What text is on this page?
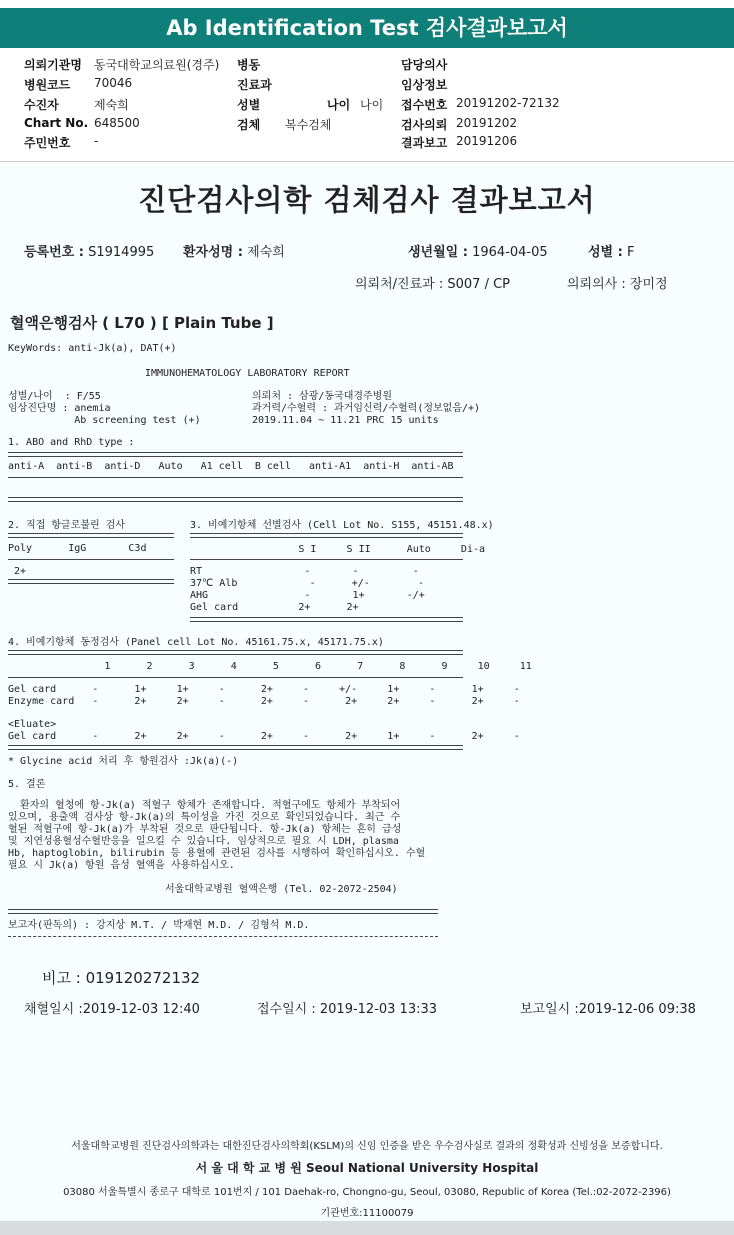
Ab Identification Test 검사결과보고서
의뢰기관명 동국대학교의료원(경주) 병동	담당의사
병원코드 70046	진료과	임상정보
수진자	제숙희	성별	나이 나이 접수번호 20191202-72132
Chart No. 648500	검체 복수검체	검사의뢰 20191202
주민번호 -	결과보고 20191206
진단검사의학 검체검사 결과보고서
등록번호 : S1914995 환자성명 : 제숙희	생년월일 : 1964-04-05	성별 : F
의뢰처/진료과 : S007 / CP	의뢰의사 : 장미정
혈액은행검사 ( L70 ) [ Plain Tube ]
KeyWords: anti-Jk(a), DAT(+)
IMMUNOHEMATOLOGY LABORATORY REPORT
성별/나이  : F/55
임상진단명 : anemia
Ab screening test (+)
의뢰처 : 삼광/동국대경주병원
과거력/수혈력 : 과거임신력/수혈력(정보없음/+)
2019.11.04 ~ 11.21 PRC 15 units
1. ABO and RhD type :
anti-A  anti-B  anti-D   Auto   A1 cell  B cell   anti-A1  anti-H  anti-AB
2. 직접 항글로불린 검사
Poly      IgG       C3d
2+
3. 비예기항체 선별검사 (Cell Lot No. S155, 45151.48.x)
S I     S II      Auto     Di-a
RT                 -       -         -
37℃ Alb            -      +/-        -
AHG                -       1+       -/+
Gel card          2+      2+
4. 비예기항체 동정검사 (Panel cell Lot No. 45161.75.x, 45171.75.x)
1      2      3      4      5      6      7      8      9     10     11
Gel card      -      1+     1+     -      2+     -     +/-     1+     -      1+     -
Enzyme card   -      2+     2+     -      2+     -      2+     2+     -      2+     -
<Eluate>
Gel card      -      2+     2+     -      2+     -      2+     1+     -      2+     -
* Glycine acid 처리 후 항원검사 :Jk(a)(-)
5. 결론
환자의 혈청에 항-Jk(a) 적혈구 항체가 존재합니다. 적혈구에도 항체가 부착되어
있으며, 용출액 검사상 항-Jk(a)의 특이성을 가진 것으로 확인되었습니다. 최근 수
혈된 적혈구에 항-Jk(a)가 부착된 것으로 판단됩니다. 항-Jk(a) 항체는 흔히 급성
및 지연성용혈성수혈반응을 일으킬 수 있습니다. 임상적으로 필요 시 LDH, plasma
Hb, haptoglobin, bilirubin 등 용혈에 관련된 검사를 시행하여 확인하십시오. 수혈
필요 시 Jk(a) 항원 음성 혈액을 사용하십시오.
서울대학교병원 혈액은행 (Tel. 02-2072-2504)
보고자(판독의) : 강지상 M.T. / 박재현 M.D. / 김형석 M.D.
비고 : 019120272132
채혈일시 :2019-12-03 12:40	접수일시 : 2019-12-03 13:33	보고일시 :2019-12-06 09:38
서울대학교병원 진단검사의학과는 대한진단검사의학회(KSLM)의 신임 인증을 받은 우수검사실로 결과의 정확성과 신빙성을 보증합니다.
서 울 대 학 교 병 원 Seoul National University Hospital
03080 서울특별시 종로구 대학로 101번지 / 101 Daehak-ro, Chongno-gu, Seoul, 03080, Republic of Korea (Tel.:02-2072-2396)
기관번호:11100079
